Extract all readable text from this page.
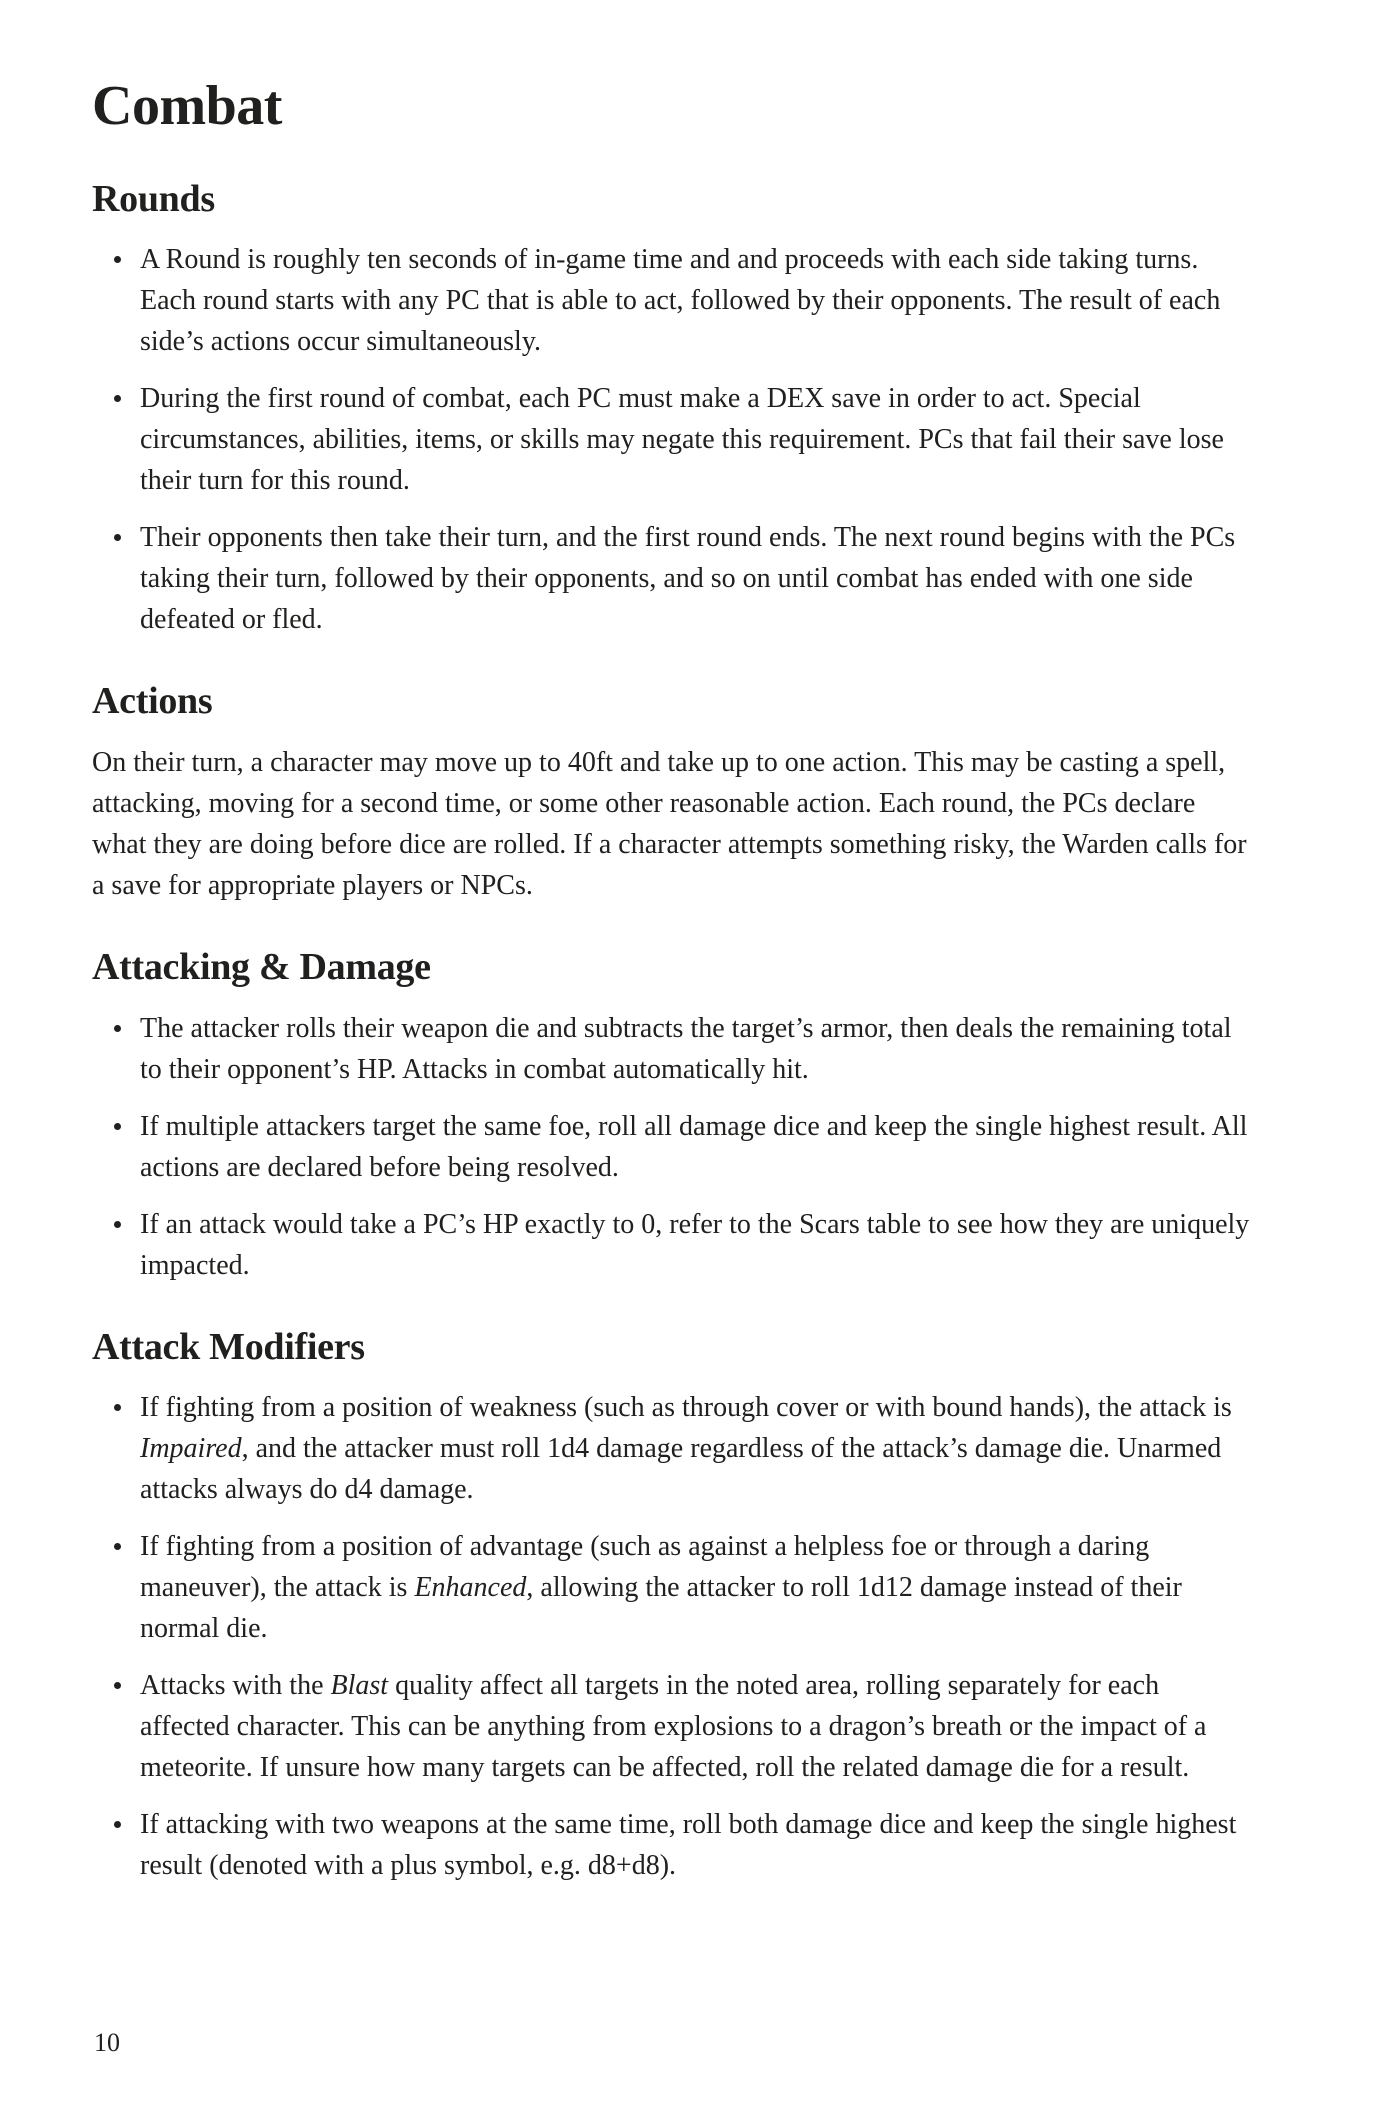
Combat
Rounds
A Round is roughly ten seconds of in-game time and and proceeds with each side taking turns. Each round starts with any PC that is able to act, followed by their opponents. The result of each side’s actions occur simultaneously.
During the first round of combat, each PC must make a DEX save in order to act. Special circumstances, abilities, items, or skills may negate this requirement. PCs that fail their save lose their turn for this round.
Their opponents then take their turn, and the first round ends. The next round begins with the PCs taking their turn, followed by their opponents, and so on until combat has ended with one side defeated or fled.
Actions

On their turn, a character may move up to 40ft and take up to one action. This may be casting a spell, attacking, moving for a second time, or some other reasonable action. Each round, the PCs declare what they are doing before dice are rolled. If a character attempts something risky, the Warden calls for a save for appropriate players or NPCs.

Attacking & Damage
The attacker rolls their weapon die and subtracts the target’s armor, then deals the remaining total to their opponent’s HP. Attacks in combat automatically hit.
If multiple attackers target the same foe, roll all damage dice and keep the single highest result. All actions are declared before being resolved.
If an attack would take a PC’s HP exactly to 0, refer to the Scars table to see how they are uniquely impacted.
Attack Modifiers
If fighting from a position of weakness (such as through cover or with bound hands), the attack is Impaired, and the attacker must roll 1d4 damage regardless of the attack’s damage die. Unarmed attacks always do d4 damage.
If fighting from a position of advantage (such as against a helpless foe or through a daring maneuver), the attack is Enhanced, allowing the attacker to roll 1d12 damage instead of their normal die.
Attacks with the Blast quality affect all targets in the noted area, rolling separately for each affected character. This can be anything from explosions to a dragon’s breath or the impact of a meteorite. If unsure how many targets can be affected, roll the related damage die for a result.
If attacking with two weapons at the same time, roll both damage dice and keep the single highest result (denoted with a plus symbol, e.g. d8+d8).
10
